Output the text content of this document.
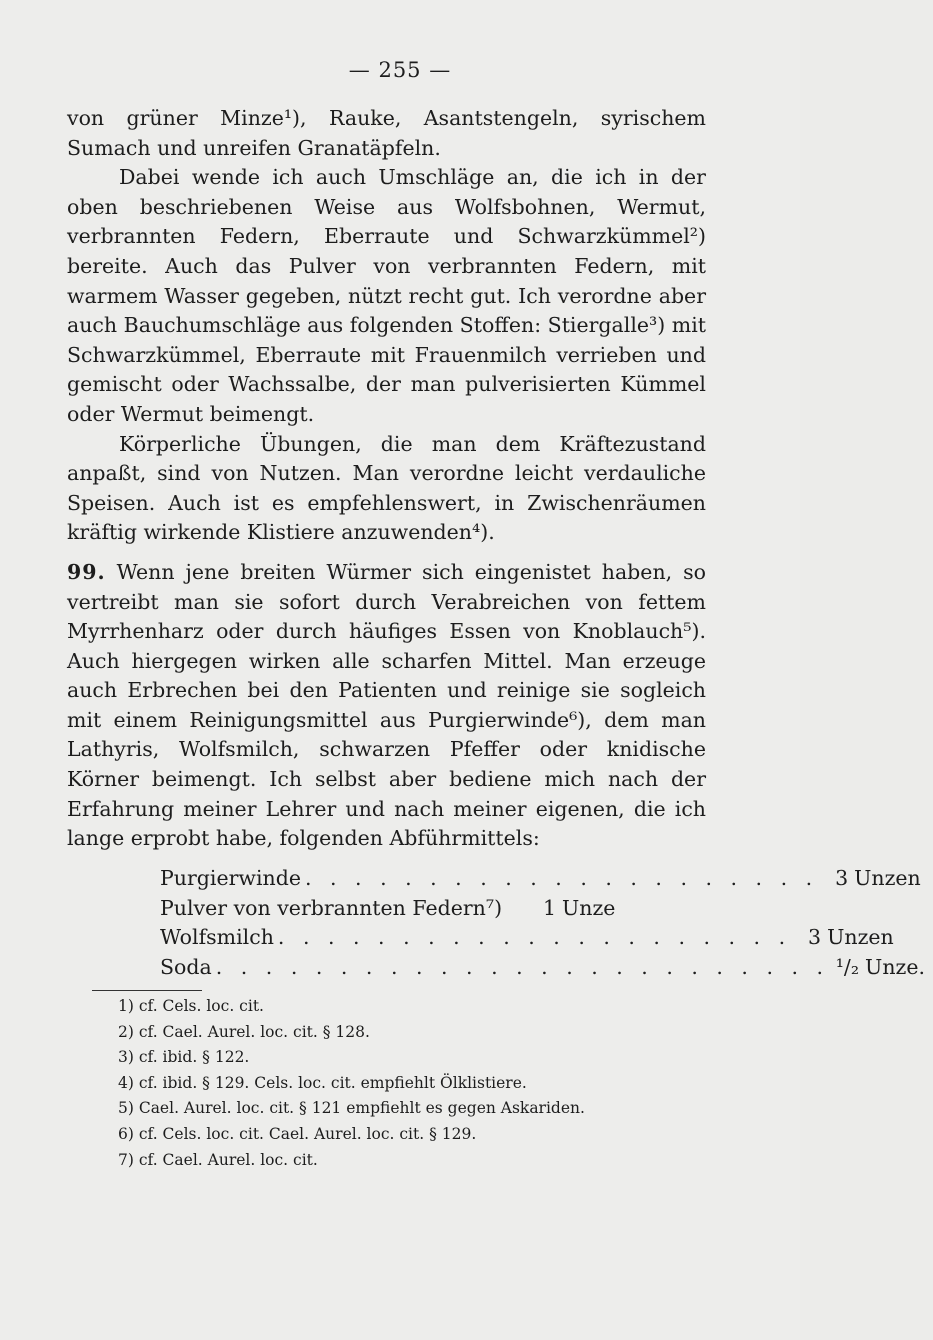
— 255 —

von grüner Minze¹), Rauke, Asantstengeln, syrischem Sumach und unreifen Granatäpfeln.

Dabei wende ich auch Umschläge an, die ich in der oben beschriebenen Weise aus Wolfsbohnen, Wermut, verbrannten Federn, Eberraute und Schwarzkümmel²) bereite. Auch das Pulver von verbrannten Federn, mit warmem Wasser gegeben, nützt recht gut. Ich verordne aber auch Bauchumschläge aus folgenden Stoffen: Stiergalle³) mit Schwarzkümmel, Eberraute mit Frauenmilch verrieben und gemischt oder Wachssalbe, der man pulverisierten Kümmel oder Wermut beimengt.

Körperliche Übungen, die man dem Kräftezustand anpaßt, sind von Nutzen. Man verordne leicht verdauliche Speisen. Auch ist es empfehlenswert, in Zwischenräumen kräftig wirkende Klistiere anzuwenden⁴).

99. Wenn jene breiten Würmer sich eingenistet haben, so vertreibt man sie sofort durch Verabreichen von fettem Myrrhenharz oder durch häufiges Essen von Knoblauch⁵). Auch hiergegen wirken alle scharfen Mittel. Man erzeuge auch Erbrechen bei den Patienten und reinige sie sogleich mit einem Reinigungsmittel aus Purgierwinde⁶), dem man Lathyris, Wolfsmilch, schwarzen Pfeffer oder knidische Körner beimengt. Ich selbst aber bediene mich nach der Erfahrung meiner Lehrer und nach meiner eigenen, die ich lange erprobt habe, folgenden Abführmittels:

Purgierwinde . . . . . . . . . . . . . . . . . . . . . 3 Unzen
Pulver von verbrannten Federn⁷)	1 Unze
Wolfsmilch . . . . . . . . . . . . . . . . . . . . . 3 Unzen
Soda . . . . . . . . . . . . . . . . . . . . . . . . . ¹/₂ Unze.
1) cf. Cels. loc. cit.
2) cf. Cael. Aurel. loc. cit. § 128.
3) cf. ibid. § 122.
4) cf. ibid. § 129. Cels. loc. cit. empfiehlt Ölklistiere.
5) Cael. Aurel. loc. cit. § 121 empfiehlt es gegen Askariden.
6) cf. Cels. loc. cit. Cael. Aurel. loc. cit. § 129.
7) cf. Cael. Aurel. loc. cit.
